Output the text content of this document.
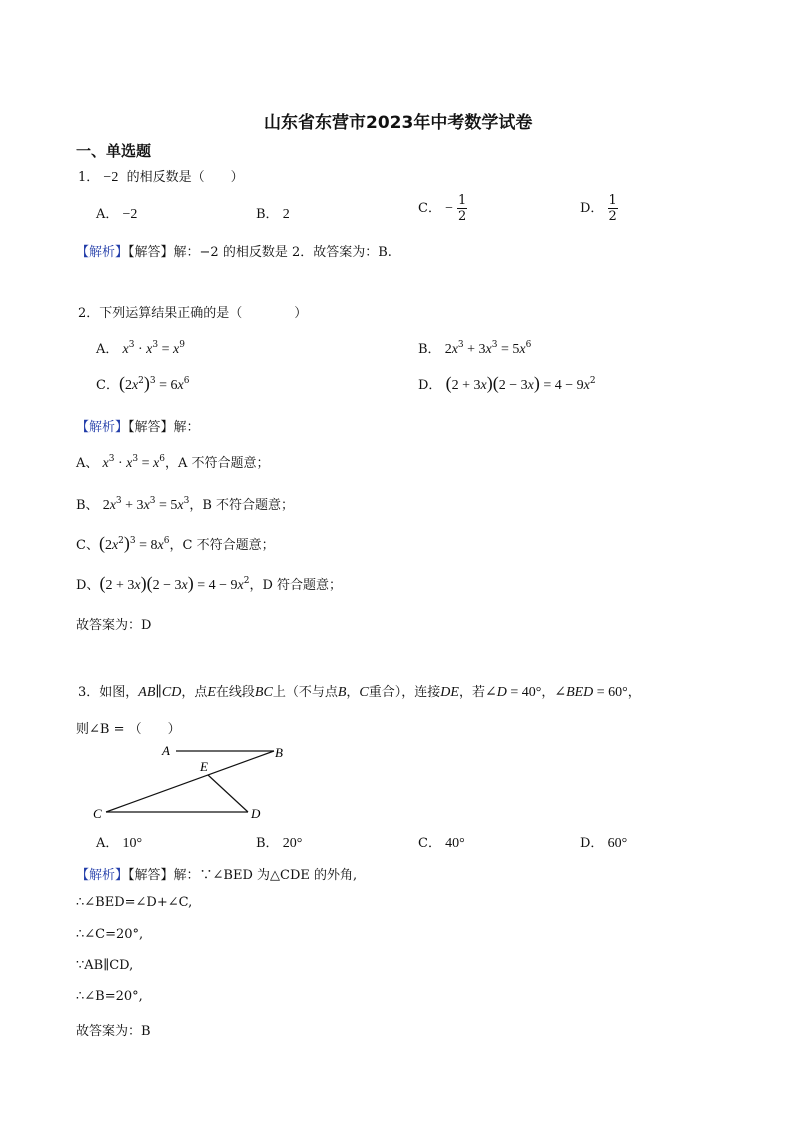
山东省东营市2023年中考数学试卷
一、单选题
1． −2 的相反数是（　　）
A． −2	B． 2	C． − $\frac{1}{2}$	D． $\frac{1}{2}$
【解析】【解答】解：−2 的相反数是 2．故答案为：B.
2．下列运算结果正确的是（　　　　）
A． $x^3 \cdot x^3 = x^9$	B． $2x^3 + 3x^3 = 5x^6$
C．$(2x^2)^3 = 6x^6$	D． $(2 + 3x)(2 - 3x) = 4 - 9x^2$
【解析】【解答】解：
A、 $x^3 \cdot x^3 = x^6$，A 不符合题意；
B、 $2x^3 + 3x^3 = 5x^3$，B 不符合题意；
C、$(2x^2)^3 = 8x^6$，C 不符合题意；
D、$(2 + 3x)(2 - 3x) = 4 - 9x^2$，D 符合题意；
故答案为：D
3．如图，AB∥CD，点E在线段BC上（不与点B，C重合），连接DE，若∠D = 40°，∠BED = 60°，
则∠B = （　　）
A	B
E
C	D
A． 10°	B． 20°	C． 40°	D． 60°
【解析】【解答】解：∵∠BED 为△CDE 的外角,
∴∠BED=∠D+∠C,
∴∠C=20°,
∵AB∥CD,
∴∠B=20°,
故答案为：B
